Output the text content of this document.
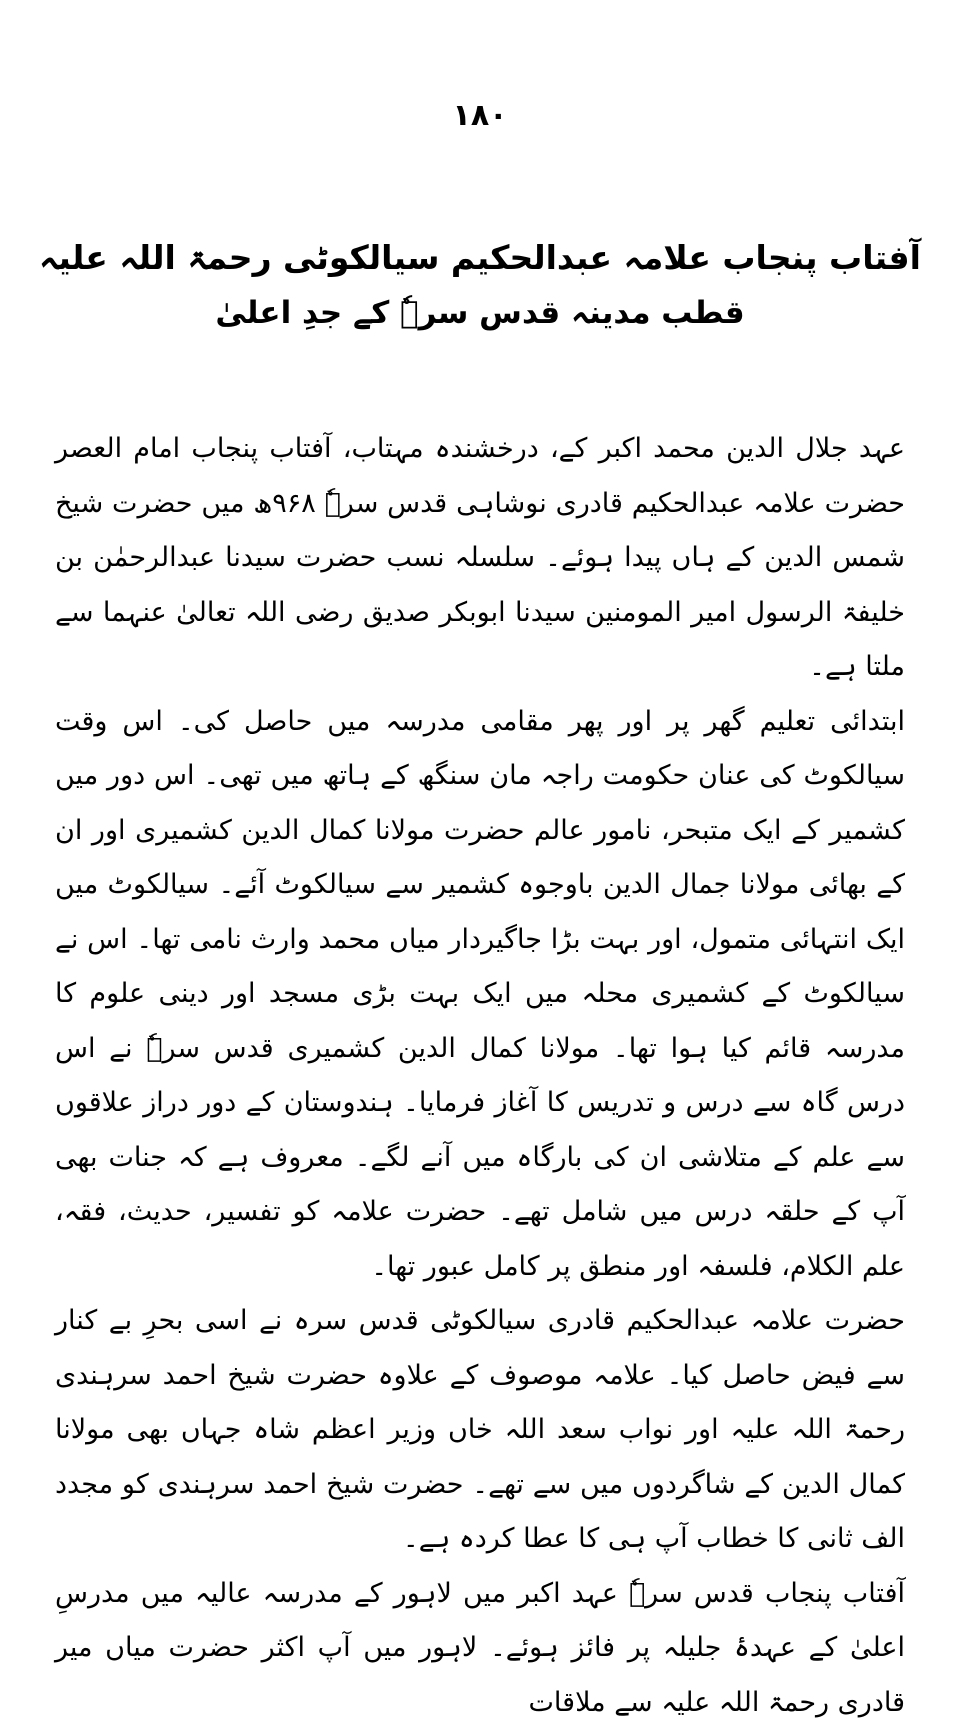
۱۸۰
آفتاب پنجاب علامہ عبدالحکیم سیالکوٹی رحمۃ اللہ علیہ
قطب مدینہ قدس سرہٗ کے جدِ اعلیٰ

عہد جلال الدین محمد اکبر کے، درخشندہ مہتاب، آفتاب پنجاب امام العصر حضرت علامہ عبدالحکیم قادری نوشاہی قدس سرہٗ ۹۶۸ھ میں حضرت شیخ شمس الدین کے ہاں پیدا ہوئے۔ سلسلہ نسب حضرت سیدنا عبدالرحمٰن بن خلیفۃ الرسول امیر المومنین سیدنا ابوبکر صدیق رضی اللہ تعالیٰ عنہما سے ملتا ہے۔

ابتدائی تعلیم گھر پر اور پھر مقامی مدرسہ میں حاصل کی۔ اس وقت سیالکوٹ کی عنان حکومت راجہ مان سنگھ کے ہاتھ میں تھی۔ اس دور میں کشمیر کے ایک متبحر، نامور عالم حضرت مولانا کمال الدین کشمیری اور ان کے بھائی مولانا جمال الدین باوجوہ کشمیر سے سیالکوٹ آئے۔ سیالکوٹ میں ایک انتہائی متمول، اور بہت بڑا جاگیردار میاں محمد وارث نامی تھا۔ اس نے سیالکوٹ کے کشمیری محلہ میں ایک بہت بڑی مسجد اور دینی علوم کا مدرسہ قائم کیا ہوا تھا۔ مولانا کمال الدین کشمیری قدس سرہٗ نے اس درس گاہ سے درس و تدریس کا آغاز فرمایا۔ ہندوستان کے دور دراز علاقوں سے علم کے متلاشی ان کی بارگاہ میں آنے لگے۔ معروف ہے کہ جنات بھی آپ کے حلقہ درس میں شامل تھے۔ حضرت علامہ کو تفسیر، حدیث، فقہ، علم الکلام، فلسفہ اور منطق پر کامل عبور تھا۔

حضرت علامہ عبدالحکیم قادری سیالکوٹی قدس سرہ نے اسی بحرِ بے کنار سے فیض حاصل کیا۔ علامہ موصوف کے علاوہ حضرت شیخ احمد سرہندی رحمۃ اللہ علیہ اور نواب سعد اللہ خاں وزیر اعظم شاہ جہاں بھی مولانا کمال الدین کے شاگردوں میں سے تھے۔ حضرت شیخ احمد سرہندی کو مجدد الف ثانی کا خطاب آپ ہی کا عطا کردہ ہے۔

آفتاب پنجاب قدس سرہٗ عہد اکبر میں لاہور کے مدرسہ عالیہ میں مدرسِ اعلیٰ کے عہدۂ جلیلہ پر فائز ہوئے۔ لاہور میں آپ اکثر حضرت میاں میر قادری رحمۃ اللہ علیہ سے ملاقات
